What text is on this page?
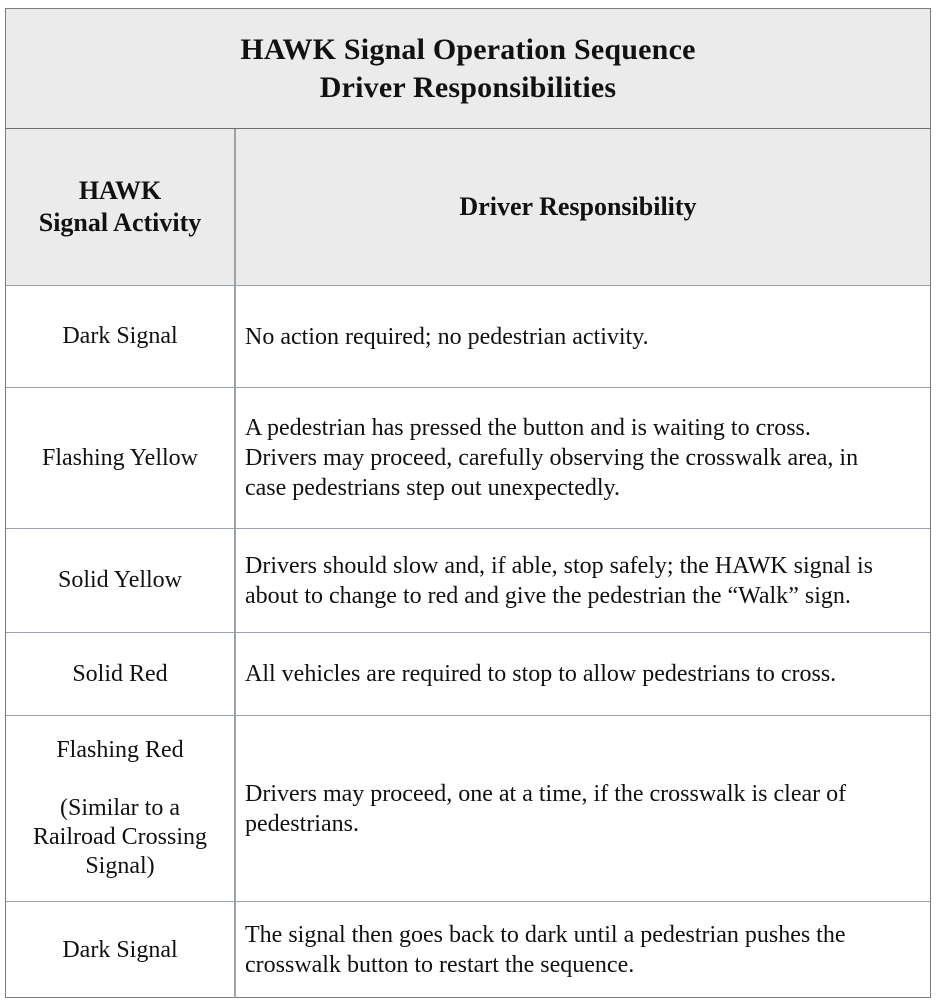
HAWK Signal Operation Sequence
Driver Responsibilities
HAWK
Signal Activity
Driver Responsibility
Dark Signal	No action required; no pedestrian activity.
Flashing Yellow
A pedestrian has pressed the button and is waiting to cross.
Drivers may proceed, carefully observing the crosswalk area, in
case pedestrians step out unexpectedly.
Solid Yellow
Drivers should slow and, if able, stop safely; the HAWK signal is
about to change to red and give the pedestrian the “Walk” sign.
Solid Red	All vehicles are required to stop to allow pedestrians to cross.
Flashing Red
(Similar to a
Railroad Crossing
Signal)
Drivers may proceed, one at a time, if the crosswalk is clear of
pedestrians.
Dark Signal
The signal then goes back to dark until a pedestrian pushes the
crosswalk button to restart the sequence.
